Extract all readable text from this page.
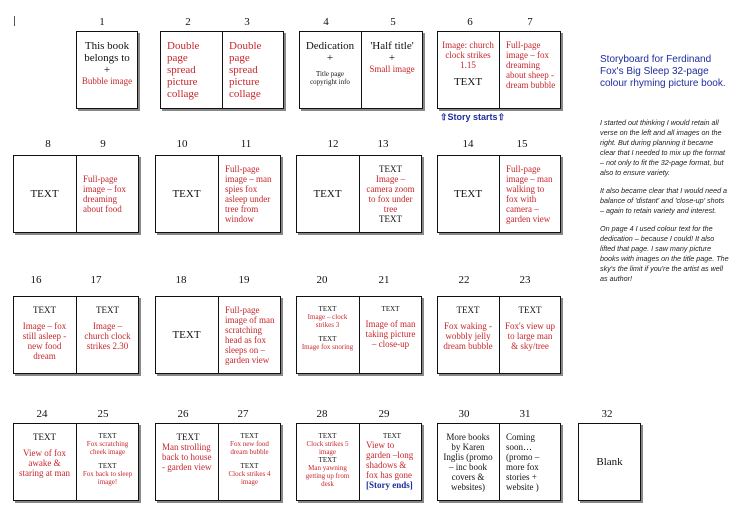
1	2	3	4	5	6	7
8	9	10	11	12	13	14	15
16	17	18	19	20	21	22	23
24	25	26	27	28	29	30	31	32
This book belongs to
+
Bubble image
Double page spread picture collage
Double page spread picture collage
Dedication
+
Title page copyright info
'Half title'
+
Small image
Image: church clock strikes 1.15
TEXT
Full-page image – fox dreaming about sheep - dream bubble
⇧Story starts⇧
TEXT
Full-page image – fox dreaming about food
TEXT
Full-page image – man spies fox asleep under tree from window
TEXT
TEXT
Image – camera zoom to fox under tree
TEXT
TEXT
Full-page image – man walking to fox with camera – garden view
TEXT
Image – fox still asleep - new food dream
TEXT
Image – church clock strikes 2.30
TEXT
Full-page image of man scratching head as fox sleeps on – garden view
TEXT
Image – clock strikes 3
TEXT
Image fox snoring
TEXT
Image of man taking picture – close-up
TEXT
Fox waking - wobbly jelly dream bubble
TEXT
Fox's view up to large man & sky/tree
TEXT
View of fox awake & staring at man
TEXT
Fox scratching cheek image
TEXT
Fox back to sleep image!
TEXT
Man strolling back to house - garden view
TEXT
Fox new food dream bubble
TEXT
Clock strikes 4 image
TEXT
Clock strikes 5 image
TEXT
Man yawning getting up from desk
TEXT
View to garden –long shadows & fox has gone
[Story ends]
More books by Karen Inglis (promo – inc book covers & websites)
Coming soon… (promo – more fox stories + website )
Blank
Storyboard for Ferdinand Fox's Big Sleep 32-page colour rhyming picture book.

I started out thinking I would retain all verse on the left and all images on the right. But during planning it became clear that I needed to mix up the format – not only to fit the 32-page format, but also to ensure variety.

It also became clear that I would need a balance of 'distant' and 'close-up' shots – again to retain variety and interest.

On page 4 I used colour text for the dedication – because I could! It also lifted that page. I saw many picture books with images on the title page. The sky's the limit if you're the artist as well as author!
